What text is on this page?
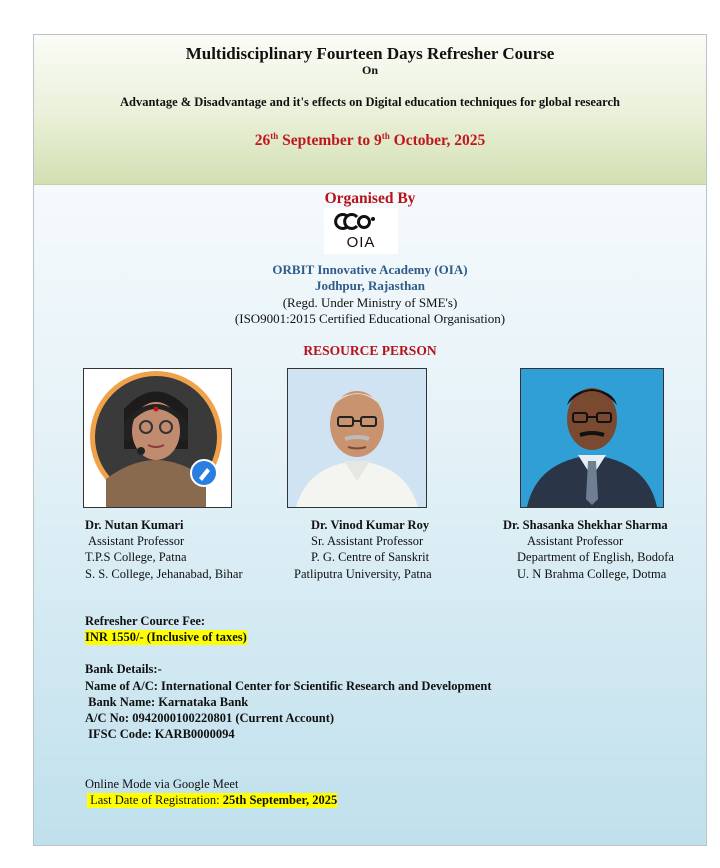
Multidisciplinary Fourteen Days Refresher Course
On
Advantage & Disadvantage and it's effects on Digital education techniques for global research
26th September to 9th October, 2025
Organised By
OIA
ORBIT Innovative Academy (OIA)
Jodhpur, Rajasthan
(Regd. Under Ministry of SME's)
(ISO9001:2015 Certified Educational Organisation)
RESOURCE PERSON
Dr. Nutan Kumari
Assistant Professor
T.P.S College, Patna
S. S. College, Jehanabad, Bihar
Dr. Vinod Kumar Roy
Sr. Assistant Professor
P. G. Centre of Sanskrit
Patliputra University, Patna
Dr. Shasanka Shekhar Sharma
Assistant Professor
Department of English, Bodofa
U. N Brahma College, Dotma
Refresher Cource Fee:
INR 1550/- (Inclusive of taxes)
Bank Details:-
Name of A/C: International Center for Scientific Research and Development
Bank Name: Karnataka Bank
A/C No: 0942000100220801 (Current Account)
IFSC Code: KARB0000094
Online Mode via Google Meet
Last Date of Registration: 25th September, 2025
